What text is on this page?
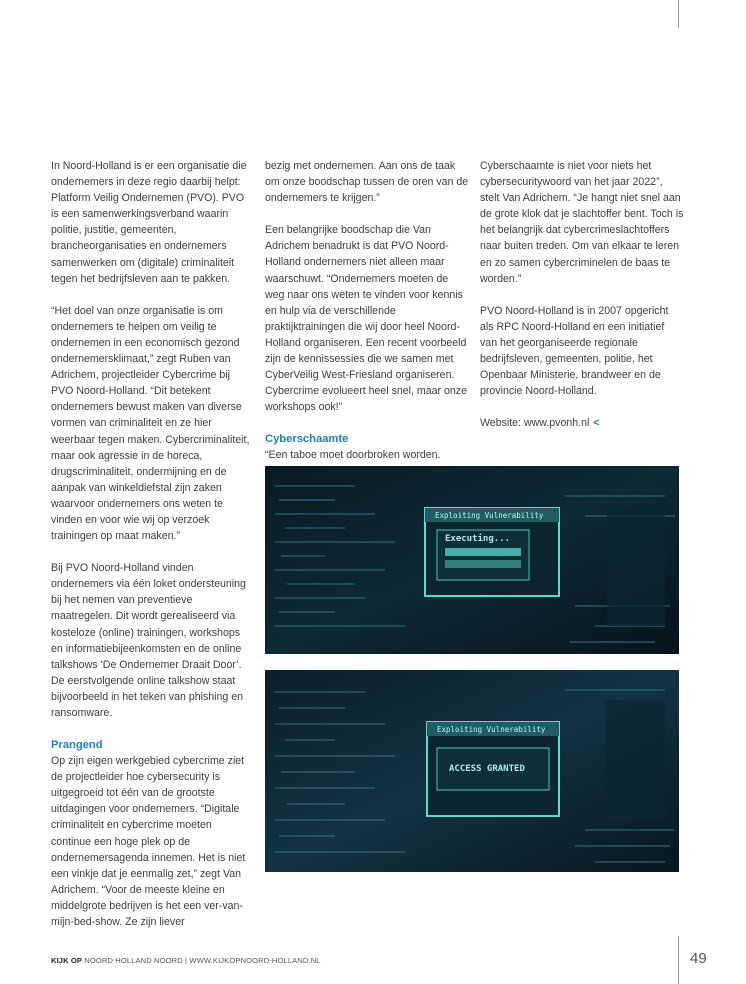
In Noord-Holland is er een organisatie die ondernemers in deze regio daarbij helpt: Platform Veilig Ondernemen (PVO). PVO is een samenwerkingsverband waarin politie, justitie, gemeenten, brancheorganisaties en ondernemers samenwerken om (digitale) criminaliteit tegen het bedrijfsleven aan te pakken.

“Het doel van onze organisatie is om ondernemers te helpen om veilig te ondernemen in een economisch gezond ondernemersklimaat,” zegt Ruben van Adrichem, projectleider Cybercrime bij PVO Noord-Holland. “Dit betekent ondernemers bewust maken van diverse vormen van criminaliteit en ze hier weerbaar tegen maken. Cybercriminaliteit, maar ook agressie in de horeca, drugscriminaliteit, ondermijning en de aanpak van winkeldiefstal zijn zaken waarvoor ondernemers ons weten te vinden en voor wie wij op verzoek trainingen op maat maken.”

Bij PVO Noord-Holland vinden ondernemers via één loket ondersteuning bij het nemen van preventieve maatregelen. Dit wordt gerealiseerd via kosteloze (online) trainingen, workshops en informatiebijeenkomsten en de online talkshows ‘De Ondernemer Draait Door’. De eerstvolgende online talkshow staat bijvoorbeeld in het teken van phishing en ransomware.

Prangend

Op zijn eigen werkgebied cybercrime ziet de projectleider hoe cybersecurity is uitgegroeid tot één van de grootste uitdagingen voor ondernemers. “Digitale criminaliteit en cybercrime moeten continue een hoge plek op de ondernemersagenda innemen. Het is niet een vinkje dat je eenmalig zet,” zegt Van Adrichem. “Voor de meeste kleine en middelgrote bedrijven is het een ver-van-mijn-bed-show. Ze zijn liever

bezig met ondernemen. Aan ons de taak om onze boodschap tussen de oren van de ondernemers te krijgen.”

Een belangrijke boodschap die Van Adrichem benadrukt is dat PVO Noord-Holland ondernemers niet alleen maar waarschuwt. “Ondernemers moeten de weg naar ons weten te vinden voor kennis en hulp via de verschillende praktijktrainingen die wij door heel Noord-Holland organiseren. Een recent voorbeeld zijn de kennissessies die we samen met CyberVeilig West-Friesland organiseren. Cybercrime evolueert heel snel, maar onze workshops ook!”

Cyberschaamte

“Een taboe moet doorbroken worden.

Cyberschaamte is niet voor niets het cybersecuritywoord van het jaar 2022”, stelt Van Adrichem. “Je hangt niet snel aan de grote klok dat je slachtoffer bent. Toch is het belangrijk dat cybercrimeslachtoffers naar buiten treden. Om van elkaar te leren en zo samen cybercriminelen de baas te worden.”

PVO Noord-Holland is in 2007 opgericht als RPC Noord-Holland en een initiatief van het georganiseerde regionale bedrijfsleven, gemeenten, politie, het Openbaar Ministerie, brandweer en de provincie Noord-Holland.

Website: www.pvonh.nl <

Exploiting Vulnerability
Executing...
Exploiting Vulnerability
ACCESS GRANTED
KIJK OP NOORD HOLLAND NOORD | WWW.KIJKOPNOORD-HOLLAND.NL	49
